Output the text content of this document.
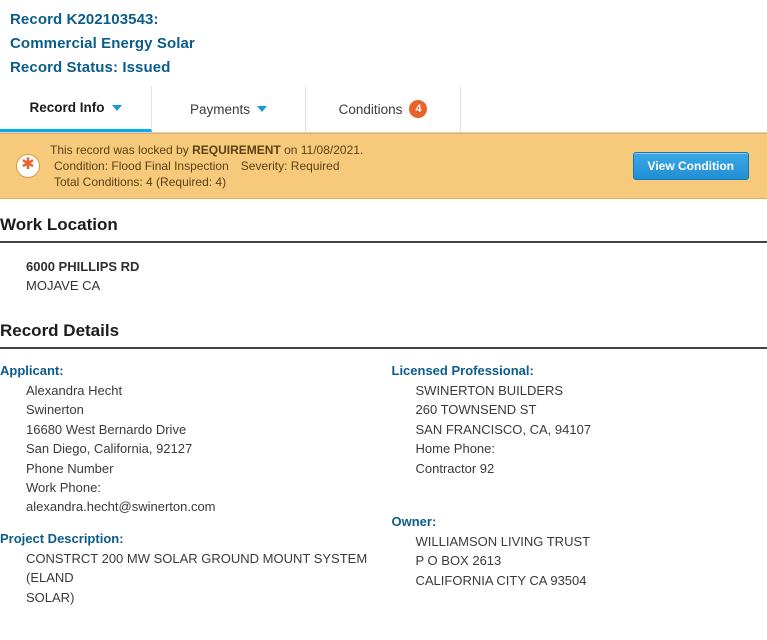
Record K202103543:
Commercial Energy Solar
Record Status: Issued
Record Info	Payments	Conditions	4
✱
This record was locked by REQUIREMENT on 11/08/2021.
Condition: Flood Final Inspection Severity: Required
Total Conditions: 4 (Required: 4)
View Condition
Work Location
6000 PHILLIPS RD
MOJAVE CA
Record Details
Applicant:
Alexandra Hecht
Swinerton
16680 West Bernardo Drive
San Diego, California, 92127
Phone Number
Work Phone:
alexandra.hecht@swinerton.com
Project Description:
CONSTRCT 200 MW SOLAR GROUND MOUNT SYSTEM (ELAND
SOLAR)
Licensed Professional:
SWINERTON BUILDERS
260 TOWNSEND ST
SAN FRANCISCO, CA, 94107
Home Phone:
Contractor 92
Owner:
WILLIAMSON LIVING TRUST
P O BOX 2613
CALIFORNIA CITY CA 93504
